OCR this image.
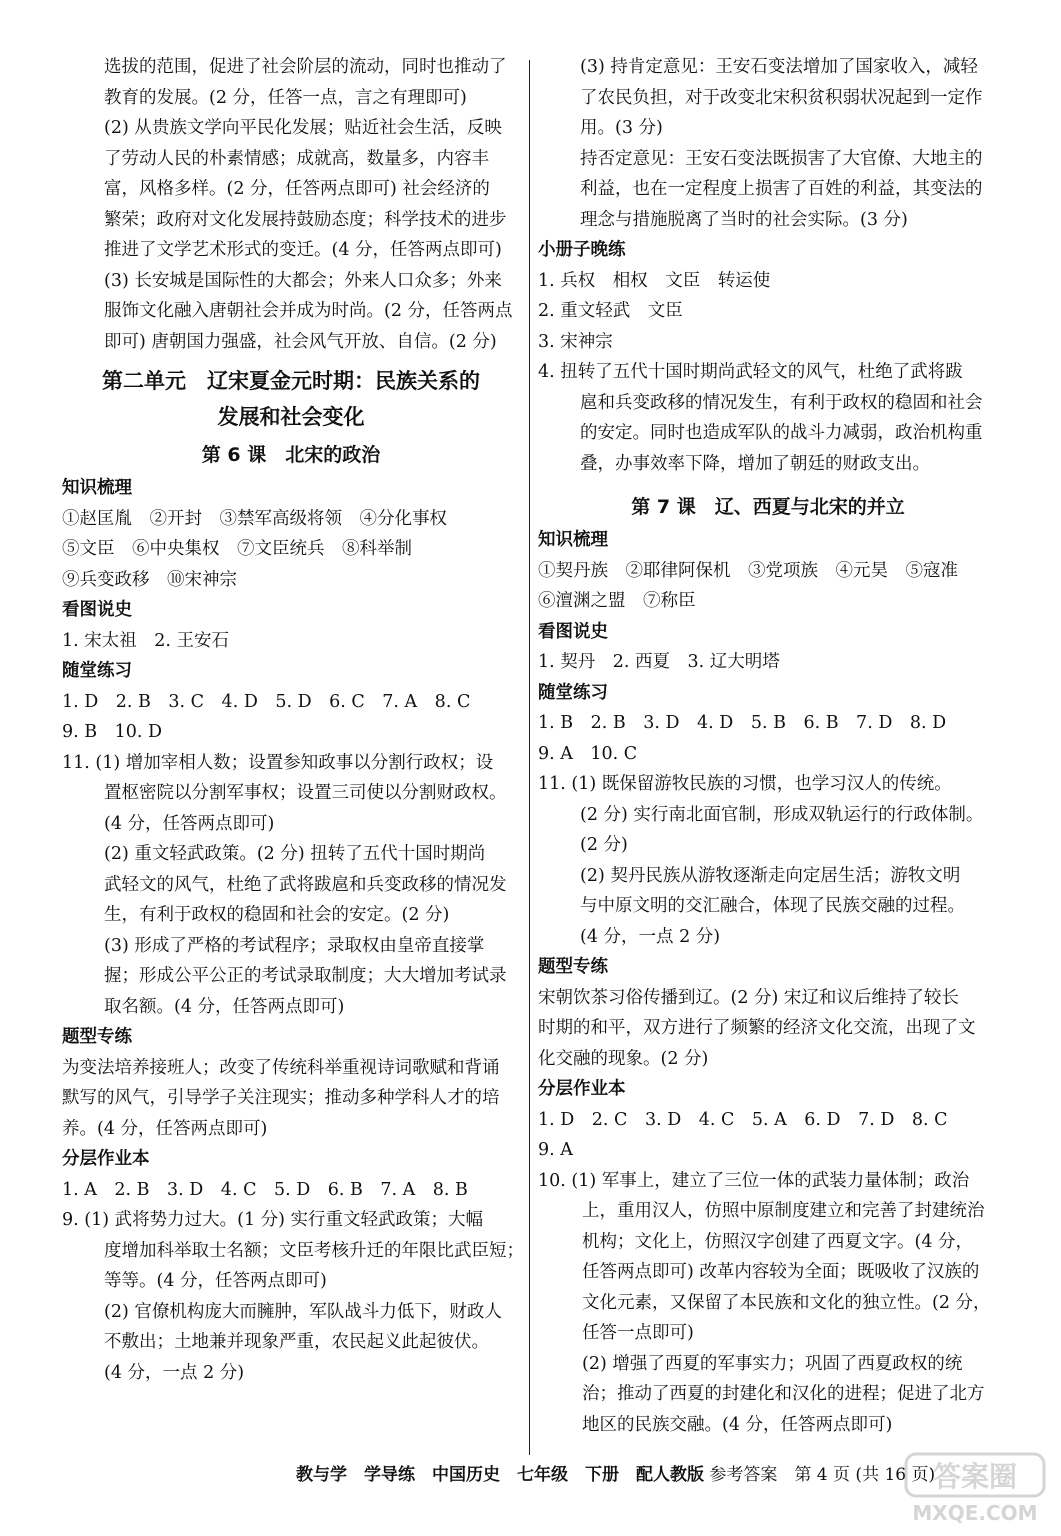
选拔的范围，促进了社会阶层的流动，同时也推动了
教育的发展。(2 分，任答一点，言之有理即可)
(2) 从贵族文学向平民化发展；贴近社会生活，反映
了劳动人民的朴素情感；成就高，数量多，内容丰
富，风格多样。(2 分，任答两点即可) 社会经济的
繁荣；政府对文化发展持鼓励态度；科学技术的进步
推进了文学艺术形式的变迁。(4 分，任答两点即可)
(3) 长安城是国际性的大都会；外来人口众多；外来
服饰文化融入唐朝社会并成为时尚。(2 分，任答两点
即可) 唐朝国力强盛，社会风气开放、自信。(2 分)
第二单元　辽宋夏金元时期：民族关系的
发展和社会变化
第 6 课　北宋的政治
知识梳理
①赵匡胤　②开封　③禁军高级将领　④分化事权
⑤文臣　⑥中央集权　⑦文臣统兵　⑧科举制
⑨兵变政移　⑩宋神宗
看图说史
1. 宋太祖　2. 王安石
随堂练习
1. D　2. B　3. C　4. D　5. D　6. C　7. A　8. C
9. B　10. D
11. (1) 增加宰相人数；设置参知政事以分割行政权；设
置枢密院以分割军事权；设置三司使以分割财政权。
(4 分，任答两点即可)
(2) 重文轻武政策。(2 分) 扭转了五代十国时期尚
武轻文的风气，杜绝了武将跋扈和兵变政移的情况发
生，有利于政权的稳固和社会的安定。(2 分)
(3) 形成了严格的考试程序；录取权由皇帝直接掌
握；形成公平公正的考试录取制度；大大增加考试录
取名额。(4 分，任答两点即可)
题型专练
为变法培养接班人；改变了传统科举重视诗词歌赋和背诵
默写的风气，引导学子关注现实；推动多种学科人才的培
养。(4 分，任答两点即可)
分层作业本
1. A　2. B　3. D　4. C　5. D　6. B　7. A　8. B
9. (1) 武将势力过大。(1 分) 实行重文轻武政策；大幅
度增加科举取士名额；文臣考核升迁的年限比武臣短；
等等。(4 分，任答两点即可)
(2) 官僚机构庞大而臃肿，军队战斗力低下，财政人
不敷出；土地兼并现象严重，农民起义此起彼伏。
(4 分，一点 2 分)
(3) 持肯定意见：王安石变法增加了国家收入，减轻
了农民负担，对于改变北宋积贫积弱状况起到一定作
用。(3 分)
持否定意见：王安石变法既损害了大官僚、大地主的
利益，也在一定程度上损害了百姓的利益，其变法的
理念与措施脱离了当时的社会实际。(3 分)
小册子晚练
1. 兵权　相权　文臣　转运使
2. 重文轻武　文臣
3. 宋神宗
4. 扭转了五代十国时期尚武轻文的风气，杜绝了武将跋
扈和兵变政移的情况发生，有利于政权的稳固和社会
的安定。同时也造成军队的战斗力减弱，政治机构重
叠，办事效率下降，增加了朝廷的财政支出。
第 7 课　辽、西夏与北宋的并立
知识梳理
①契丹族　②耶律阿保机　③党项族　④元昊　⑤寇准
⑥澶渊之盟　⑦称臣
看图说史
1. 契丹　2. 西夏　3. 辽大明塔
随堂练习
1. B　2. B　3. D　4. D　5. B　6. B　7. D　8. D
9. A　10. C
11. (1) 既保留游牧民族的习惯，也学习汉人的传统。
(2 分) 实行南北面官制，形成双轨运行的行政体制。
(2 分)
(2) 契丹民族从游牧逐渐走向定居生活；游牧文明
与中原文明的交汇融合，体现了民族交融的过程。
(4 分，一点 2 分)
题型专练
宋朝饮茶习俗传播到辽。(2 分) 宋辽和议后维持了较长
时期的和平，双方进行了频繁的经济文化交流，出现了文
化交融的现象。(2 分)
分层作业本
1. D　2. C　3. D　4. C　5. A　6. D　7. D　8. C
9. A
10. (1) 军事上，建立了三位一体的武装力量体制；政治
上，重用汉人，仿照中原制度建立和完善了封建统治
机构；文化上，仿照汉字创建了西夏文字。(4 分，
任答两点即可) 改革内容较为全面；既吸收了汉族的
文化元素，又保留了本民族和文化的独立性。(2 分，
任答一点即可)
(2) 增强了西夏的军事实力；巩固了西夏政权的统
治；推动了西夏的封建化和汉化的进程；促进了北方
地区的民族交融。(4 分，任答两点即可)
教与学　学导练　中国历史　七年级　下册　配人教版 参考答案　第 4 页 (共 16 页)
答案圈
MXQE.COM
